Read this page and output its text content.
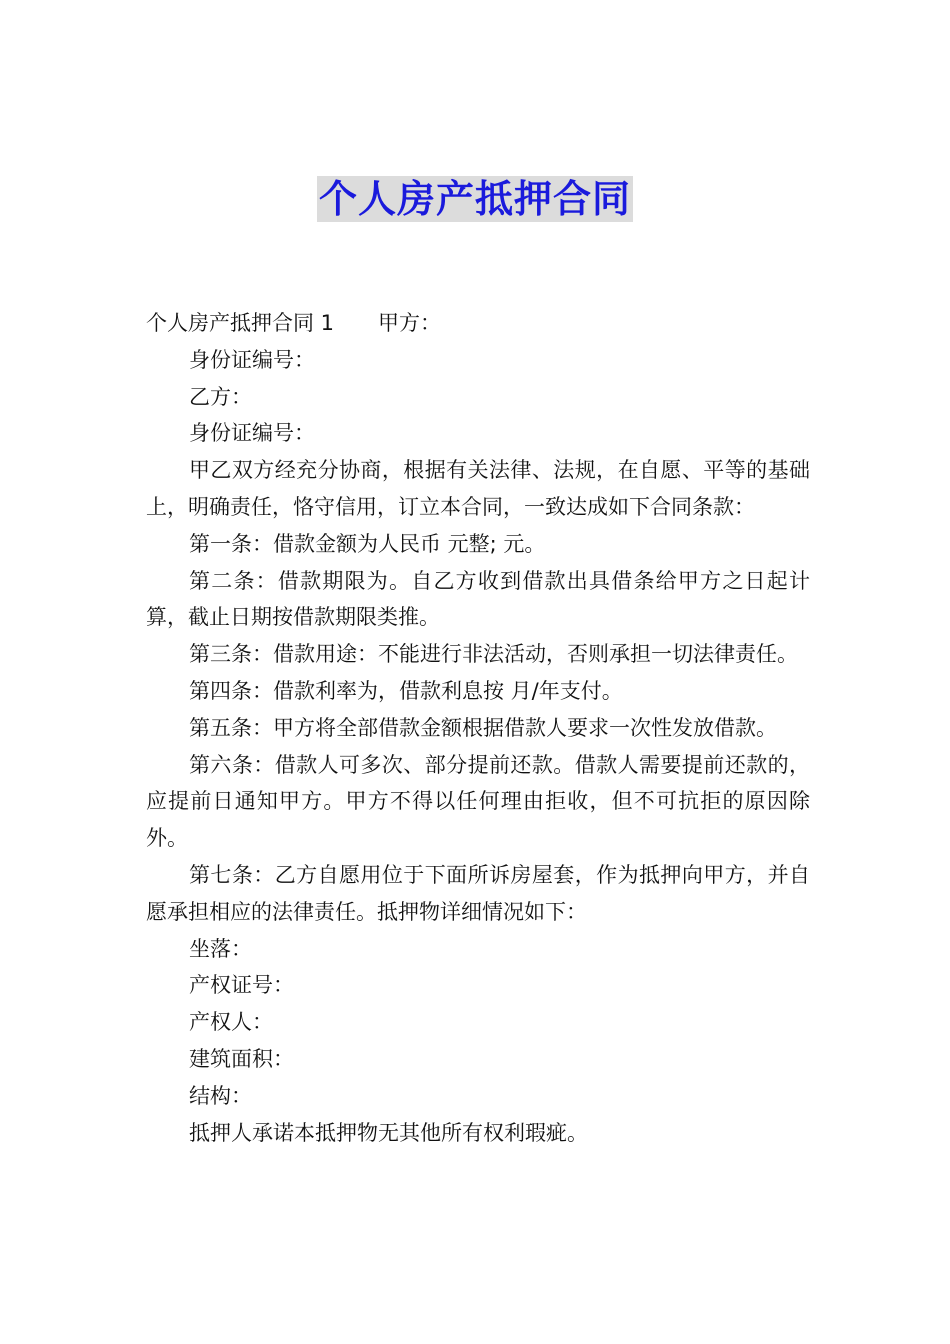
个人房产抵押合同

个人房产抵押合同 1 甲方：

身份证编号：

乙方：

身份证编号：

甲乙双方经充分协商，根据有关法律、法规，在自愿、平等的基础上，明确责任，恪守信用，订立本合同，一致达成如下合同条款：

第一条：借款金额为人民币 元整; 元。

第二条：借款期限为。自乙方收到借款出具借条给甲方之日起计算，截止日期按借款期限类推。

第三条：借款用途：不能进行非法活动，否则承担一切法律责任。

第四条：借款利率为，借款利息按 月/年支付。

第五条：甲方将全部借款金额根据借款人要求一次性发放借款。

第六条：借款人可多次、部分提前还款。借款人需要提前还款的，应提前日通知甲方。甲方不得以任何理由拒收，但不可抗拒的原因除外。

第七条：乙方自愿用位于下面所诉房屋套，作为抵押向甲方，并自愿承担相应的法律责任。抵押物详细情况如下：

坐落：

产权证号：

产权人：

建筑面积：

结构：

抵押人承诺本抵押物无其他所有权利瑕疵。
